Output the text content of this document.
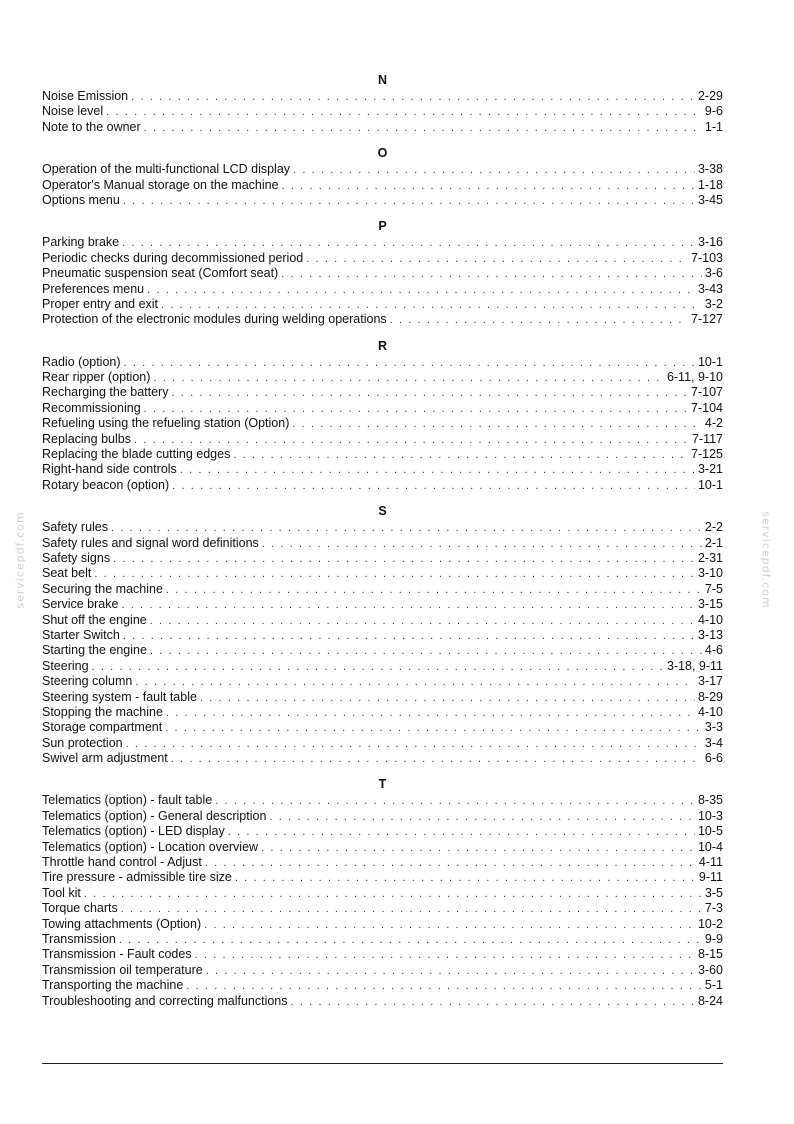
servicepdf.com	servicepdf.com
N
Noise Emission . . .	2-29
Noise level . . .	9-6
Note to the owner . . .	1-1
O
Operation of the multi-functional LCD display . . .	3-38
Operator's Manual storage on the machine . . .	1-18
Options menu . . .	3-45
P
Parking brake . . .	3-16
Periodic checks during decommissioned period . . .	7-103
Pneumatic suspension seat (Comfort seat) . . .	3-6
Preferences menu . . .	3-43
Proper entry and exit . . .	3-2
Protection of the electronic modules during welding operations . . .	7-127
R
Radio (option) . . .	10-1
Rear ripper (option) . . .	6-11, 9-10
Recharging the battery . . .	7-107
Recommissioning . . .	7-104
Refueling using the refueling station (Option) . . .	4-2
Replacing bulbs . . .	7-117
Replacing the blade cutting edges . . .	7-125
Right-hand side controls . . .	3-21
Rotary beacon (option) . . .	10-1
S
Safety rules . . .	2-2
Safety rules and signal word definitions . . .	2-1
Safety signs . . .	2-31
Seat belt . . .	3-10
Securing the machine . . .	7-5
Service brake . . .	3-15
Shut off the engine . . .	4-10
Starter Switch . . .	3-13
Starting the engine . . .	4-6
Steering . . .	3-18, 9-11
Steering column . . .	3-17
Steering system - fault table . . .	8-29
Stopping the machine . . .	4-10
Storage compartment . . .	3-3
Sun protection . . .	3-4
Swivel arm adjustment . . .	6-6
T
Telematics (option) - fault table . . .	8-35
Telematics (option) - General description . . .	10-3
Telematics (option) - LED display . . .	10-5
Telematics (option) - Location overview . . .	10-4
Throttle hand control - Adjust . . .	4-11
Tire pressure - admissible tire size . . .	9-11
Tool kit . . .	3-5
Torque charts . . .	7-3
Towing attachments (Option) . . .	10-2
Transmission . . .	9-9
Transmission - Fault codes . . .	8-15
Transmission oil temperature . . .	3-60
Transporting the machine . . .	5-1
Troubleshooting and correcting malfunctions . . .	8-24
